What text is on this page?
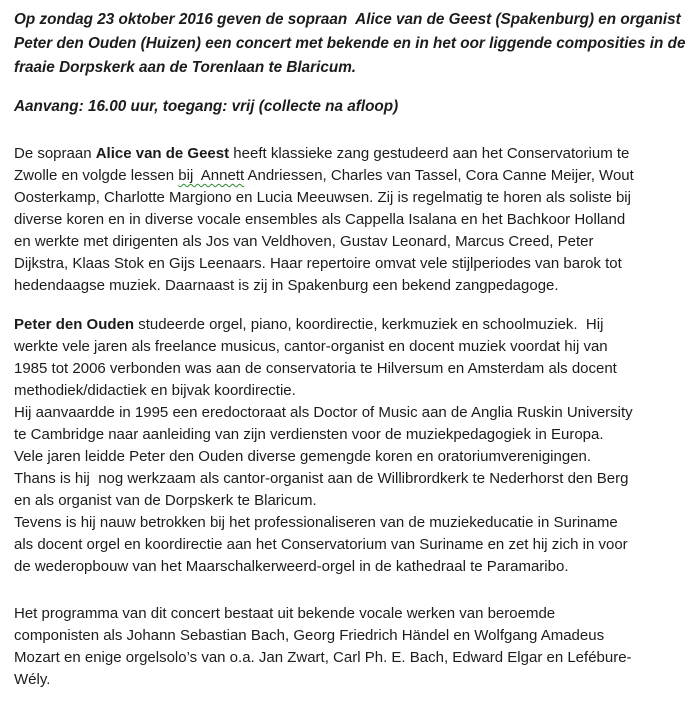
Op zondag 23 oktober 2016 geven de sopraan  Alice van de Geest (Spakenburg) en organist
Peter den Ouden (Huizen) een concert met bekende en in het oor liggende composities in de
fraaie Dorpskerk aan de Torenlaan te Blaricum.
Aanvang: 16.00 uur, toegang: vrij (collecte na afloop)
De sopraan Alice van de Geest heeft klassieke zang gestudeerd aan het Conservatorium te
Zwolle en volgde lessen bij  Annett Andriessen, Charles van Tassel, Cora Canne Meijer, Wout
Oosterkamp, Charlotte Margiono en Lucia Meeuwsen. Zij is regelmatig te horen als soliste bij
diverse koren en in diverse vocale ensembles als Cappella Isalana en het Bachkoor Holland
en werkte met dirigenten als Jos van Veldhoven, Gustav Leonard, Marcus Creed, Peter
Dijkstra, Klaas Stok en Gijs Leenaars. Haar repertoire omvat vele stijlperiodes van barok tot
hedendaagse muziek. Daarnaast is zij in Spakenburg een bekend zangpedagoge.
Peter den Ouden studeerde orgel, piano, koordirectie, kerkmuziek en schoolmuziek.  Hij
werkte vele jaren als freelance musicus, cantor-organist en docent muziek voordat hij van
1985 tot 2006 verbonden was aan de conservatoria te Hilversum en Amsterdam als docent
methodiek/didactiek en bijvak koordirectie.
Hij aanvaardde in 1995 een eredoctoraat als Doctor of Music aan de Anglia Ruskin University
te Cambridge naar aanleiding van zijn verdiensten voor de muziekpedagogiek in Europa.
Vele jaren leidde Peter den Ouden diverse gemengde koren en oratoriumverenigingen.
Thans is hij  nog werkzaam als cantor-organist aan de Willibrordkerk te Nederhorst den Berg
en als organist van de Dorpskerk te Blaricum.
Tevens is hij nauw betrokken bij het professionaliseren van de muziekeducatie in Suriname
als docent orgel en koordirectie aan het Conservatorium van Suriname en zet hij zich in voor
de wederopbouw van het Maarschalkerweerd-orgel in de kathedraal te Paramaribo.
Het programma van dit concert bestaat uit bekende vocale werken van beroemde
componisten als Johann Sebastian Bach, Georg Friedrich Händel en Wolfgang Amadeus
Mozart en enige orgelsolo’s van o.a. Jan Zwart, Carl Ph. E. Bach, Edward Elgar en Lefébure-
Wély.
